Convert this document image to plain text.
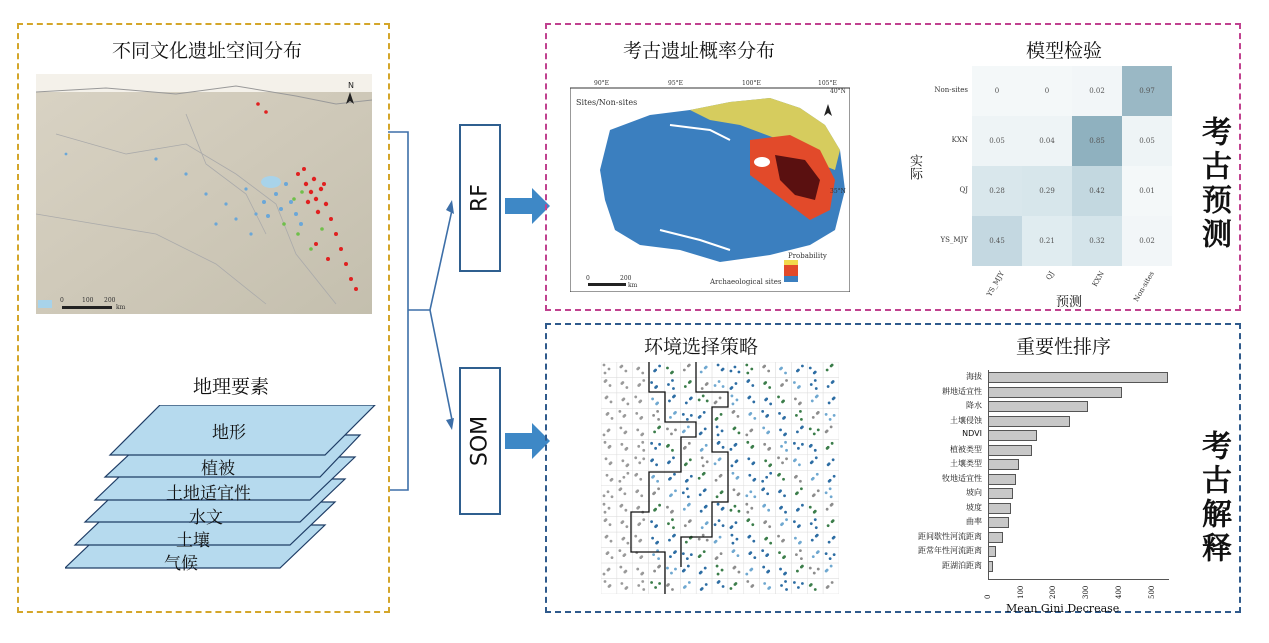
不同文化遗址空间分布
N
0	100 200
km
地理要素
地形
植被
土地适宜性
水文
土壤
气候
RF
SOM
考古遗址概率分布	模型检验
考古预测
Sites/Non-sites
Probability
Archaeological sites
0	200
km
90°E	95°E	100°E	105°E
40°N
35°N
0	0	0.02	0.97
0.05	0.04	0.85	0.05
0.28	0.29	0.42	0.01
0.45	0.21	0.32	0.02
Non-sites
KXN
QJ
YS_MJY
YS_MJY	QJ	KXN	Non-sites
实际
预测
环境选择策略	重要性排序
考古解释
海拔
耕地适宜性
降水
土壤侵蚀
NDVI
植被类型
土壤类型
牧地适宜性
坡向
坡度
曲率
距间歇性河流距离
距常年性河流距离
距湖泊距离
0	100	200	300	400	500
Mean Gini Decrease
